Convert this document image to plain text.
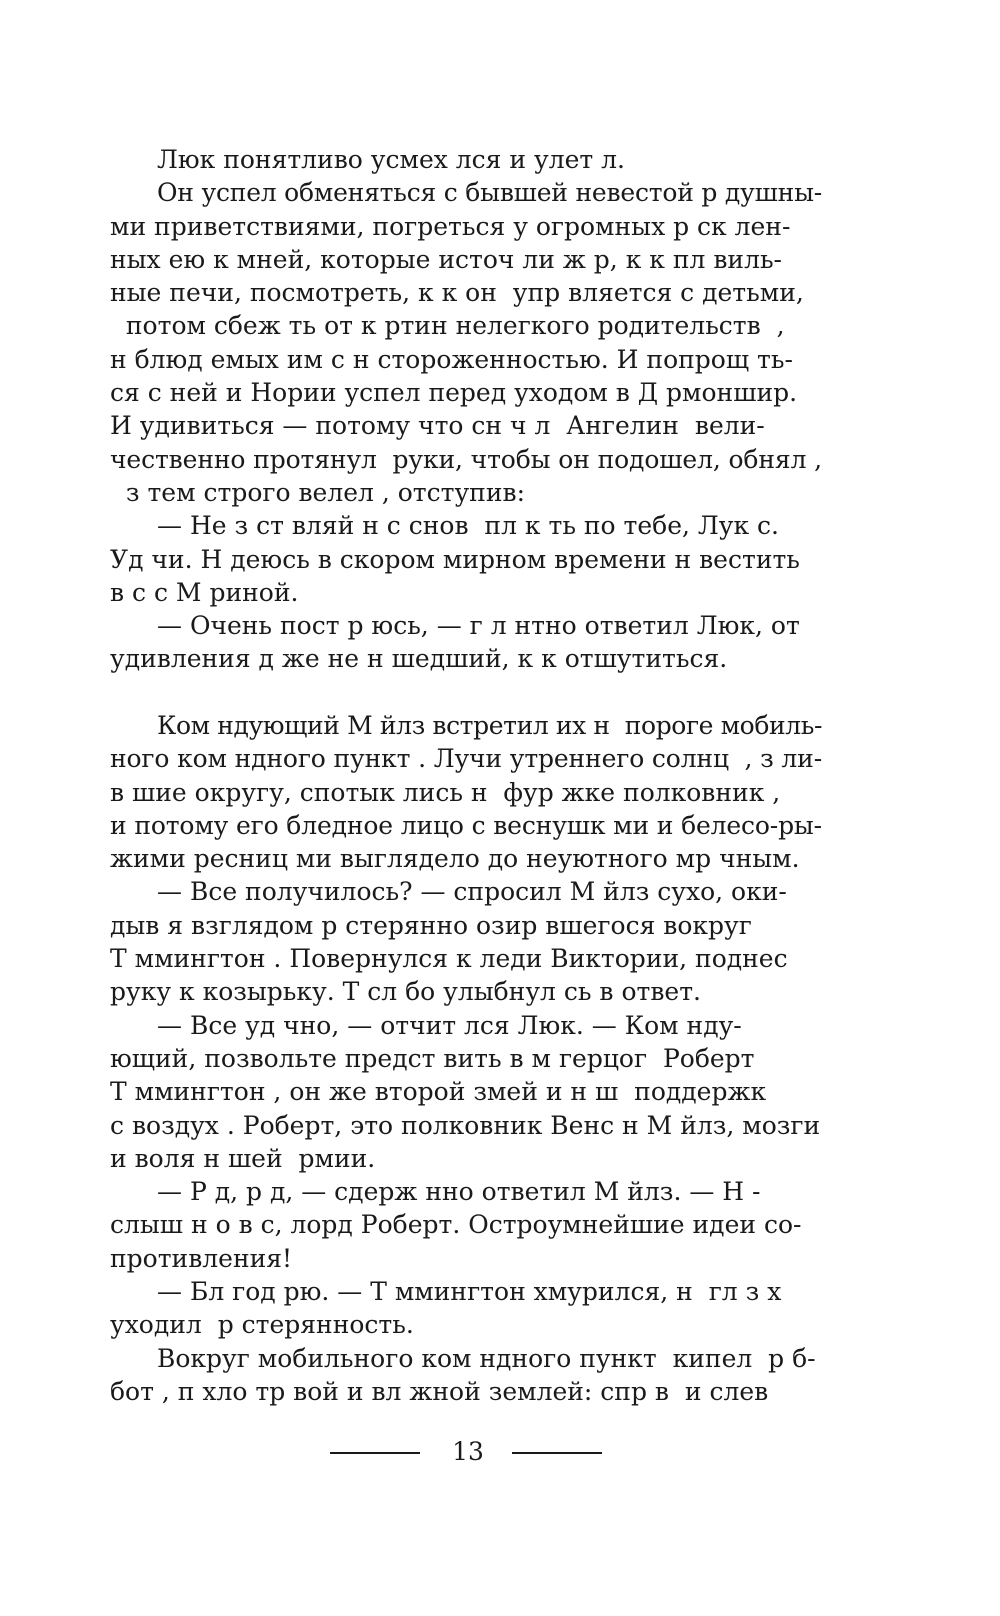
Люк понятливо усмех лся и улет л.
Он успел обменяться с бывшей невестой р душны-
ми приветствиями, погреться у огромных р ск лен-
ных ею к мней, которые источ ли ж р, к к пл виль-
ные печи, посмотреть, к к он  упр вляется с детьми,
потом сбеж ть от к ртин нелегкого родительств  ,
н блюд емых им с н стороженностью. И попрощ ть-
ся с ней и Нории успел перед уходом в Д рмоншир.
И удивиться — потому что сн ч л  Ангелин  вели-
чественно протянул  руки, чтобы он подошел, обнял ,
з тем строго велел , отступив:
— Не з ст вляй н с снов  пл к ть по тебе, Лук с.
Уд чи. Н деюсь в скором мирном времени н вестить
в с с М риной.
— Очень пост р юсь, — г л нтно ответил Люк, от
удивления д же не н шедший, к к отшутиться.
Ком ндующий М йлз встретил их н  пороге мобиль-
ного ком ндного пункт . Лучи утреннего солнц  , з ли-
в шие округу, спотык лись н  фур жке полковник ,
и потому его бледное лицо с веснушк ми и белесо-ры-
жими ресниц ми выглядело до неуютного мр чным.
— Все получилось? — спросил М йлз сухо, оки-
дыв я взглядом р стерянно озир вшегося вокруг
Т ммингтон . Повернулся к леди Виктории, поднес
руку к козырьку. Т сл бо улыбнул сь в ответ.
— Все уд чно, — отчит лся Люк. — Ком нду-
ющий, позвольте предст вить в м герцог  Роберт
Т ммингтон , он же второй змей и н ш  поддержк
с воздух . Роберт, это полковник Венс н М йлз, мозги
и воля н шей  рмии.
— Р д, р д, — сдерж нно ответил М йлз. — Н -
слыш н о в с, лорд Роберт. Остроумнейшие идеи со-
противления!
— Бл год рю. — Т ммингтон хмурился, н  гл з х
уходил  р стерянность.
Вокруг мобильного ком ндного пункт  кипел  р б-
бот , п хло тр вой и вл жной землей: спр в  и слев
13
